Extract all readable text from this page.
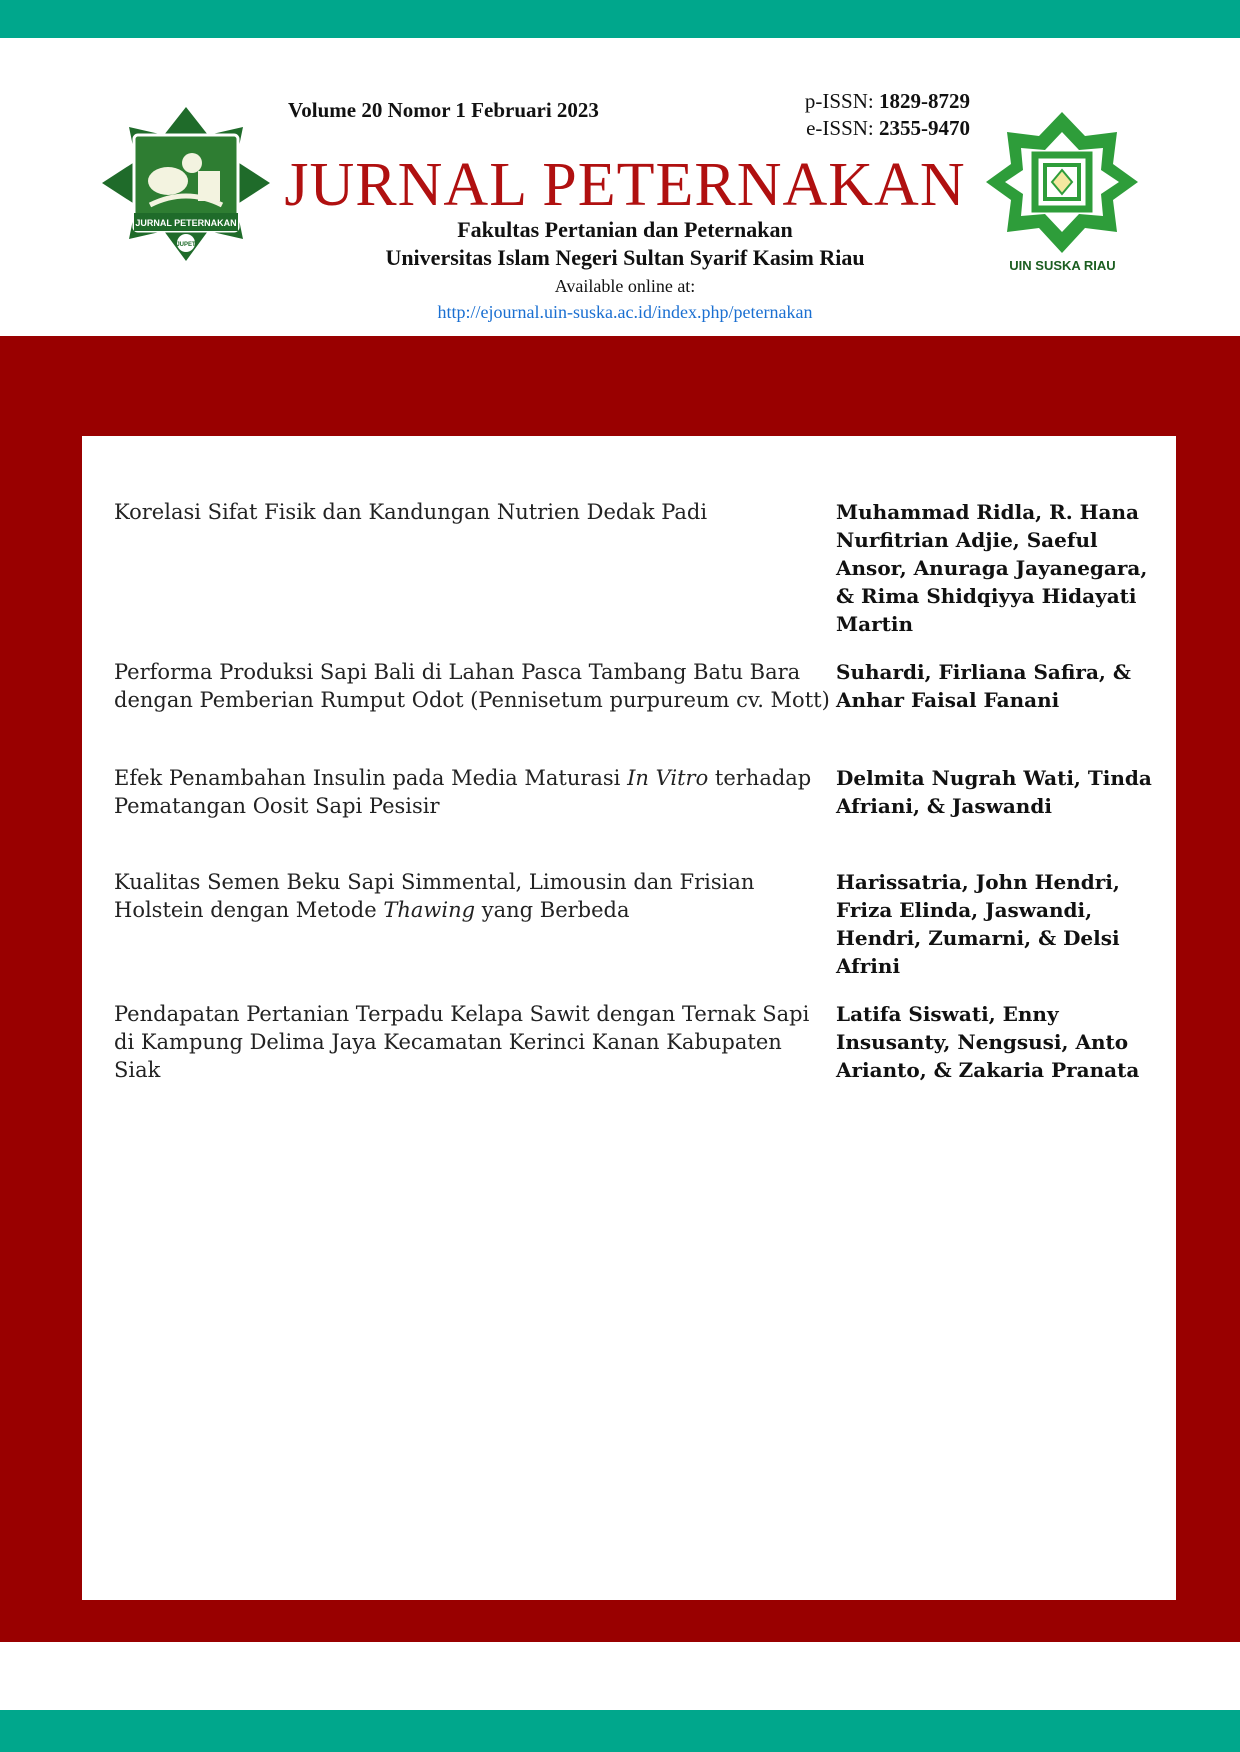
JURNAL PETERNAKAN
JUPET
Volume 20 Nomor 1 Februari 2023	p-ISSN: 1829-8729
e-ISSN: 2355-9470
JURNAL PETERNAKAN
Fakultas Pertanian dan Peternakan
Universitas Islam Negeri Sultan Syarif Kasim Riau
Available online at:
http://ejournal.uin-suska.ac.id/index.php/peternakan
UIN SUSKA RIAU
Korelasi Sifat Fisik dan Kandungan Nutrien Dedak Padi	Muhammad Ridla, R. Hana Nurfitrian Adjie, Saeful Ansor, Anuraga Jayanegara, & Rima Shidqiyya Hidayati Martin
Performa Produksi Sapi Bali di Lahan Pasca Tambang Batu Bara dengan Pemberian Rumput Odot (Pennisetum purpureum cv. Mott)
Suhardi, Firliana Safira, & Anhar Faisal Fanani
Efek Penambahan Insulin pada Media Maturasi In Vitro terhadap Pematangan Oosit Sapi Pesisir
Delmita Nugrah Wati, Tinda Afriani, & Jaswandi
Kualitas Semen Beku Sapi Simmental, Limousin dan Frisian Holstein dengan Metode Thawing yang Berbeda
Harissatria, John Hendri, Friza Elinda, Jaswandi, Hendri, Zumarni, & Delsi Afrini
Pendapatan Pertanian Terpadu Kelapa Sawit dengan Ternak Sapi di Kampung Delima Jaya Kecamatan Kerinci Kanan Kabupaten Siak
Latifa Siswati, Enny Insusanty, Nengsusi, Anto Arianto, & Zakaria Pranata
